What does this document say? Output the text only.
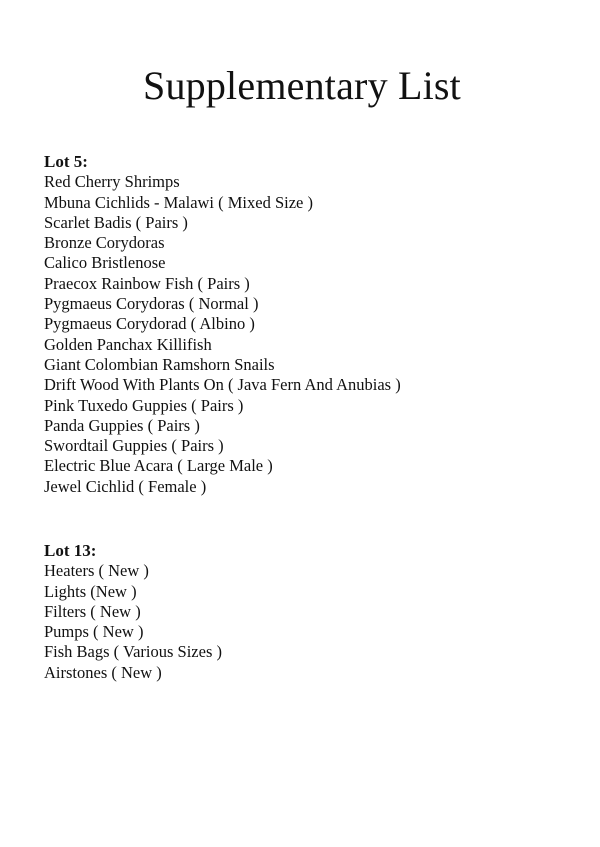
Supplementary List

Lot 5:

Red Cherry Shrimps
Mbuna Cichlids - Malawi ( Mixed Size )
Scarlet Badis ( Pairs )
Bronze Corydoras
Calico Bristlenose
Praecox Rainbow Fish ( Pairs )
Pygmaeus Corydoras ( Normal )
Pygmaeus Corydorad ( Albino )
Golden Panchax Killifish
Giant Colombian Ramshorn Snails
Drift Wood With Plants On ( Java Fern And Anubias )
Pink Tuxedo Guppies ( Pairs )
Panda Guppies ( Pairs )
Swordtail Guppies ( Pairs )
Electric Blue Acara ( Large Male )
Jewel Cichlid ( Female )

Lot 13:

Heaters ( New )
Lights (New )
Filters ( New )
Pumps ( New )
Fish Bags ( Various Sizes )
Airstones ( New )
